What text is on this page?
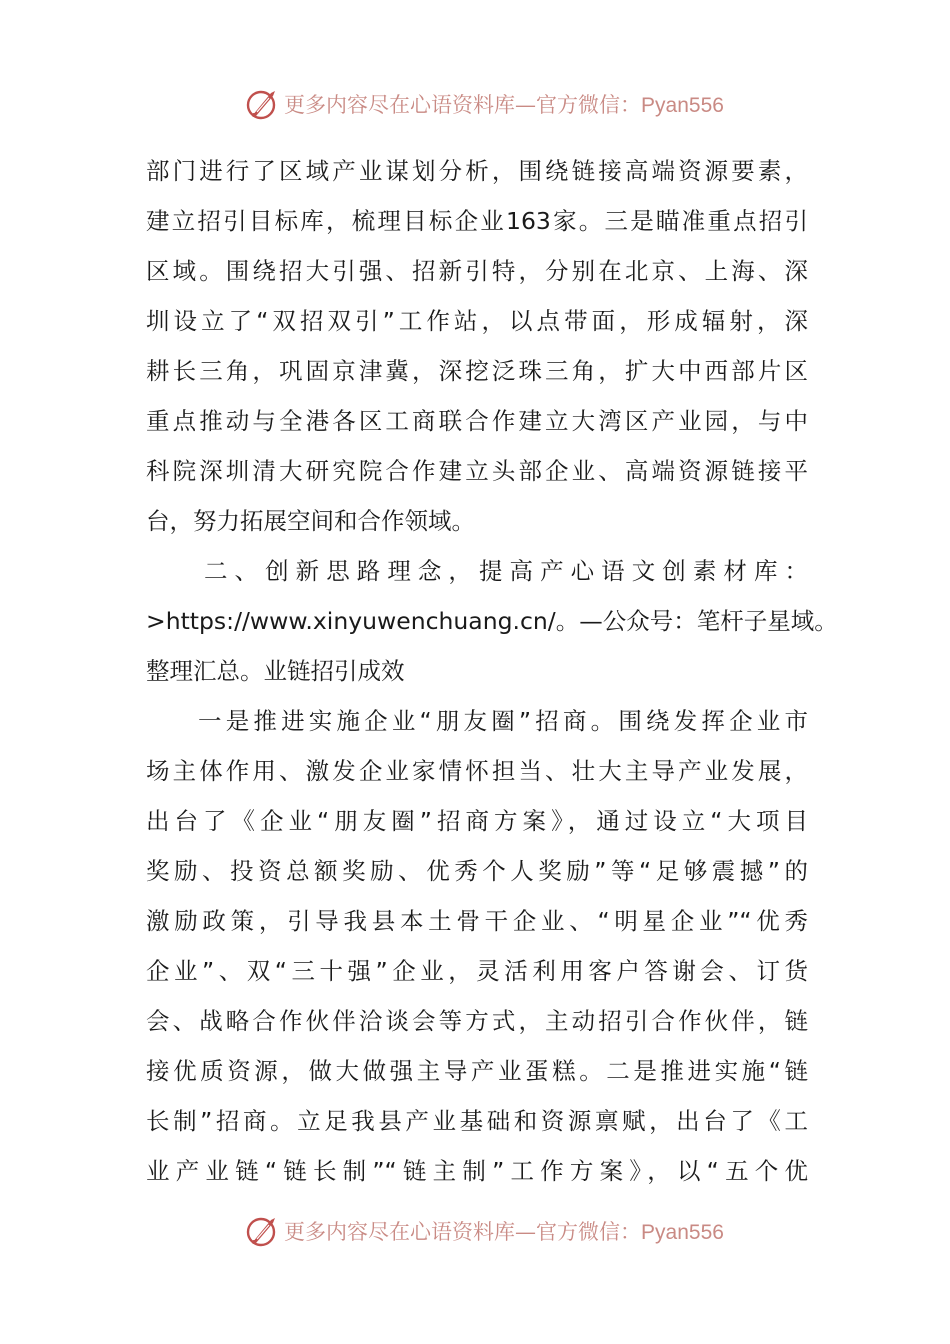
更多内容尽在心语资料库—官方微信：Pyan556
部门进行了区域产业谋划分析，围绕链接高端资源要素，
建立招引目标库，梳理目标企业163家。三是瞄准重点招引
区域。围绕招大引强、招新引特，分别在北京、上海、深
圳设立了“双招双引”工作站，以点带面，形成辐射，深
耕长三角，巩固京津冀，深挖泛珠三角，扩大中西部片区
重点推动与全港各区工商联合作建立大湾区产业园，与中
科院深圳清大研究院合作建立头部企业、高端资源链接平
台，努力拓展空间和合作领域。
二、创新思路理念，提高产心语文创素材库：
>https://www.xinyuwenchuang.cn/。—公众号：笔杆子星域。
整理汇总。业链招引成效
一是推进实施企业“朋友圈”招商。围绕发挥企业市
场主体作用、激发企业家情怀担当、壮大主导产业发展，
出台了《企业“朋友圈”招商方案》，通过设立“大项目
奖励、投资总额奖励、优秀个人奖励”等“足够震撼”的
激励政策，引导我县本土骨干企业、“明星企业”“优秀
企业”、双“三十强”企业，灵活利用客户答谢会、订货
会、战略合作伙伴洽谈会等方式，主动招引合作伙伴，链
接优质资源，做大做强主导产业蛋糕。二是推进实施“链
长制”招商。立足我县产业基础和资源禀赋，出台了《工
业产业链“链长制”“链主制”工作方案》，以“五个优
更多内容尽在心语资料库—官方微信：Pyan556
